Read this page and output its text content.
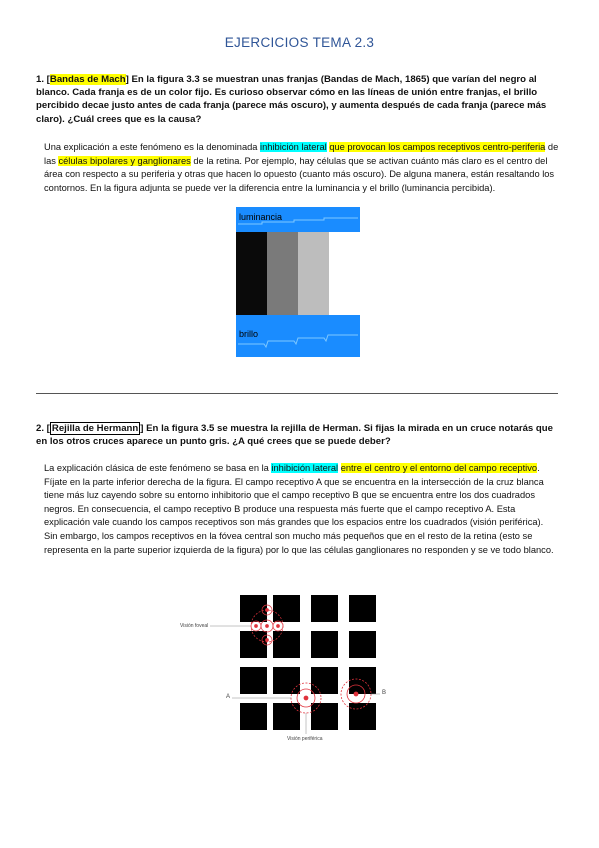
EJERCICIOS TEMA 2.3
1. [Bandas de Mach] En la figura 3.3 se muestran unas franjas (Bandas de Mach, 1865) que varían del negro al blanco. Cada franja es de un color fijo. Es curioso observar cómo en las líneas de unión entre franjas, el brillo percibido decae justo antes de cada franja (parece más oscuro), y aumenta después de cada franja (parece más claro). ¿Cuál crees que es la causa?
Una explicación a este fenómeno es la denominada inhibición lateral que provocan los campos receptivos centro-periferia de las células bipolares y ganglionares de la retina. Por ejemplo, hay células que se activan cuánto más claro es el centro del área con respecto a su periferia y otras que hacen lo opuesto (cuanto más oscuro). De alguna manera, están resaltando los contornos. En la figura adjunta se puede ver la diferencia entre la luminancia y el brillo (luminancia percibida).
luminancia
brillo
2. [ Rejilla de Hermann ] En la figura 3.5 se muestra la rejilla de Herman. Si fijas la mirada en un cruce notarás que en los otros cruces aparece un punto gris. ¿A qué crees que se puede deber?
La explicación clásica de este fenómeno se basa en la inhibición lateral entre el centro y el entorno del campo receptivo. Fíjate en la parte inferior derecha de la figura. El campo receptivo A que se encuentra en la intersección de la cruz blanca tiene más luz cayendo sobre su entorno inhibitorio que el campo receptivo B que se encuentra entre los dos cuadrados negros. En consecuencia, el campo receptivo B produce una respuesta más fuerte que el campo receptivo A. Esta explicación vale cuando los campos receptivos son más grandes que los espacios entre los cuadrados (visión periférica). Sin embargo, los campos receptivos en la fóvea central son mucho más pequeños que en el resto de la retina (esto se representa en la parte superior izquierda de la figura) por lo que las células ganglionares no responden y se ve todo blanco.
Visión foveal
A
B
Visión periférica
